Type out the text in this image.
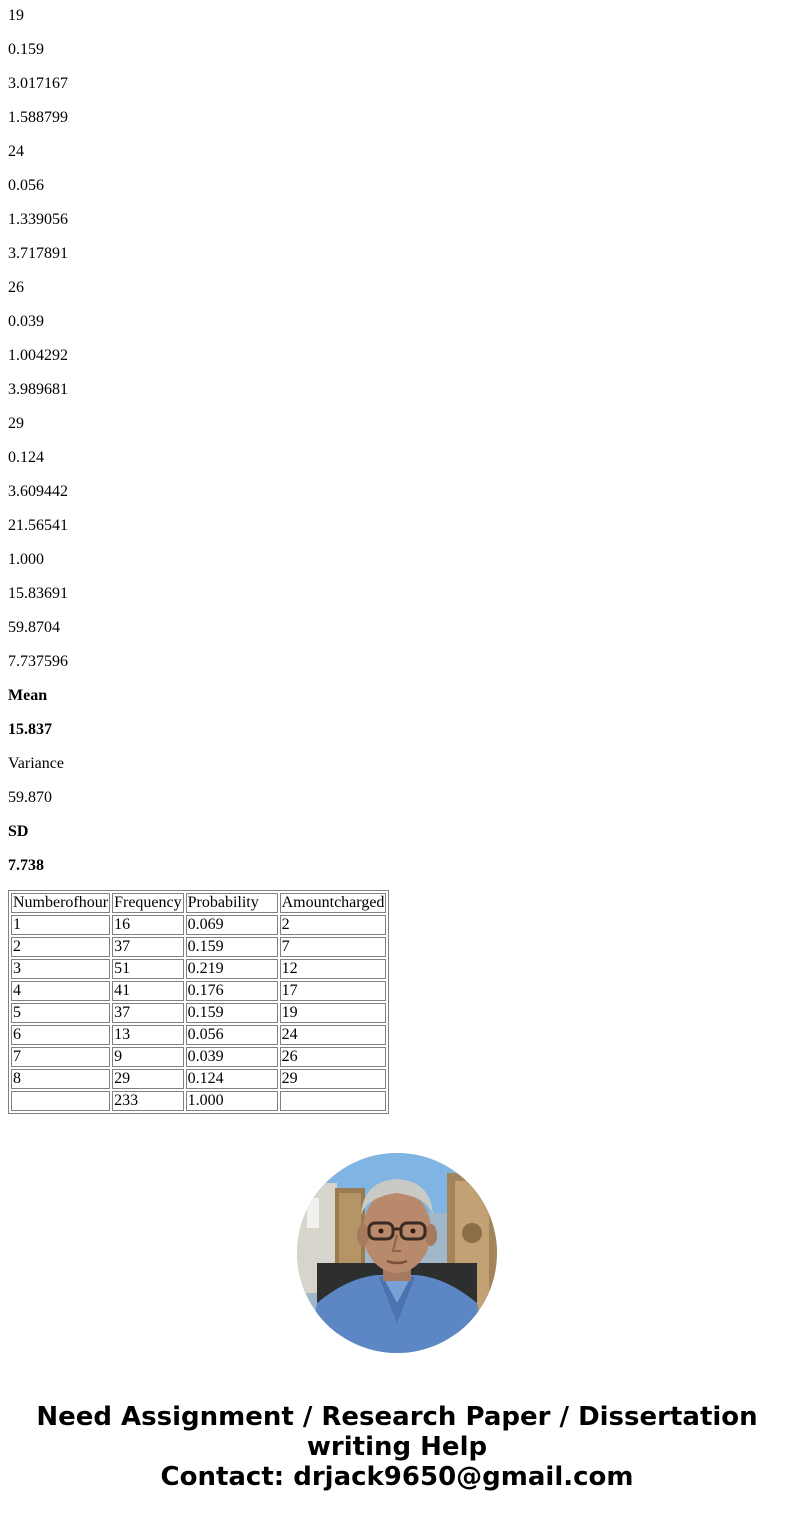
19

0.159

3.017167

1.588799

24

0.056

1.339056

3.717891

26

0.039

1.004292

3.989681

29

0.124

3.609442

21.56541

1.000

15.83691

59.8704

7.737596

Mean

15.837

Variance

59.870

SD

7.738

Numberofhour	Frequency	Probability	Amountcharged
1	16	0.069	2
2	37	0.159	7
3	51	0.219	12
4	41	0.176	17
5	37	0.159	19
6	13	0.056	24
7	9	0.039	26
8	29	0.124	29
	233	1.000	
Need Assignment / Research Paper / Dissertation
writing Help
Contact: drjack9650@gmail.com
